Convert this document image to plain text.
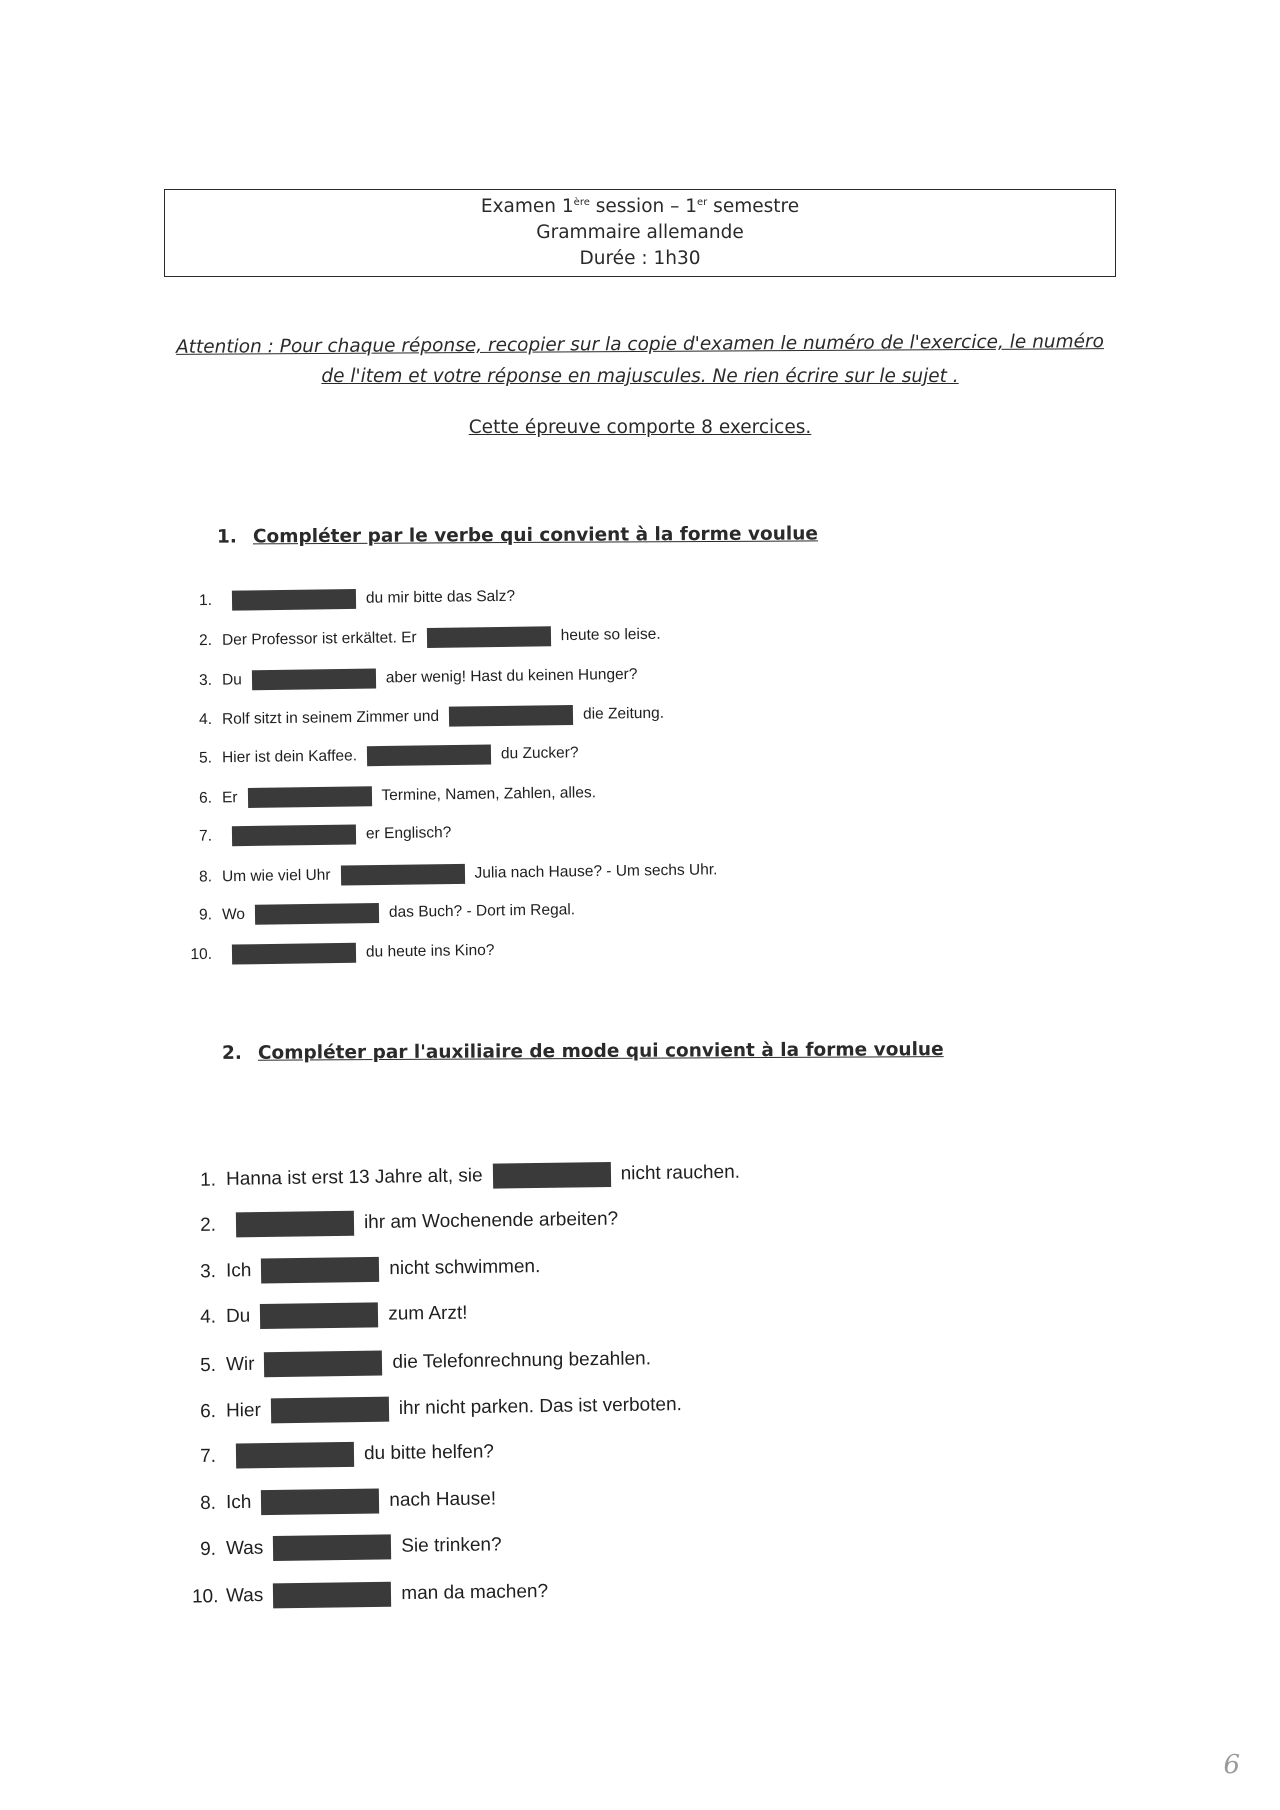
Examen 1ère session – 1er semestre
Grammaire allemande
Durée : 1h30
Attention : Pour chaque réponse, recopier sur la copie d'examen le numéro de l'exercice, le numéro
de l'item et votre réponse en majuscules. Ne rien écrire sur le sujet .
Cette épreuve comporte 8 exercices.
1. Compléter par le verbe qui convient à la forme voulue
1.	du mir bitte das Salz?
2. Der Professor ist erkältet. Er	heute so leise.
3. Du	aber wenig! Hast du keinen Hunger?
4. Rolf sitzt in seinem Zimmer und	die Zeitung.
5. Hier ist dein Kaffee.	du Zucker?
6. Er	Termine, Namen, Zahlen, alles.
7.	er Englisch?
8. Um wie viel Uhr	Julia nach Hause? - Um sechs Uhr.
9. Wo	das Buch? - Dort im Regal.
10.	du heute ins Kino?
2. Compléter par l'auxiliaire de mode qui convient à la forme voulue
1. Hanna ist erst 13 Jahre alt, sie	nicht rauchen.
2.	ihr am Wochenende arbeiten?
3. Ich	nicht schwimmen.
4. Du	zum Arzt!
5. Wir	die Telefonrechnung bezahlen.
6. Hier	ihr nicht parken. Das ist verboten.
7.	du bitte helfen?
8. Ich	nach Hause!
9. Was	Sie trinken?
10. Was	man da machen?
6
